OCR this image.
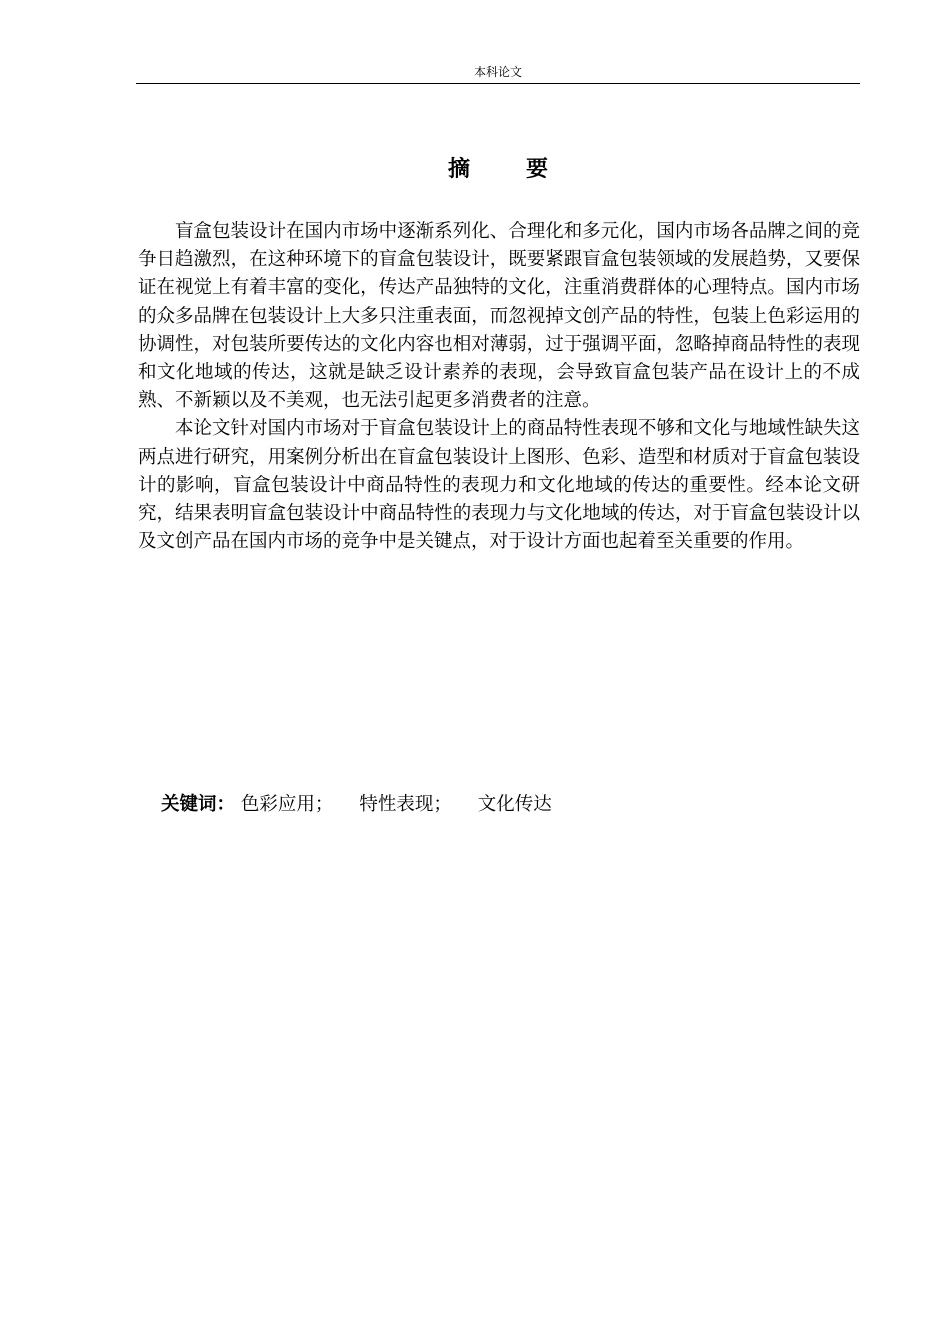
本科论文
摘	要

盲盒包装设计在国内市场中逐渐系列化、合理化和多元化，国内市场各品牌之间的竞争日趋激烈，在这种环境下的盲盒包装设计，既要紧跟盲盒包装领域的发展趋势，又要保证在视觉上有着丰富的变化，传达产品独特的文化，注重消费群体的心理特点。国内市场的众多品牌在包装设计上大多只注重表面，而忽视掉文创产品的特性，包装上色彩运用的协调性，对包装所要传达的文化内容也相对薄弱，过于强调平面，忽略掉商品特性的表现和文化地域的传达，这就是缺乏设计素养的表现，会导致盲盒包装产品在设计上的不成熟、不新颖以及不美观，也无法引起更多消费者的注意。

本论文针对国内市场对于盲盒包装设计上的商品特性表现不够和文化与地域性缺失这两点进行研究，用案例分析出在盲盒包装设计上图形、色彩、造型和材质对于盲盒包装设计的影响，盲盒包装设计中商品特性的表现力和文化地域的传达的重要性。经本论文研究，结果表明盲盒包装设计中商品特性的表现力与文化地域的传达，对于盲盒包装设计以及文创产品在国内市场的竞争中是关键点，对于设计方面也起着至关重要的作用。

关键词： 色彩应用； 特性表现； 文化传达
